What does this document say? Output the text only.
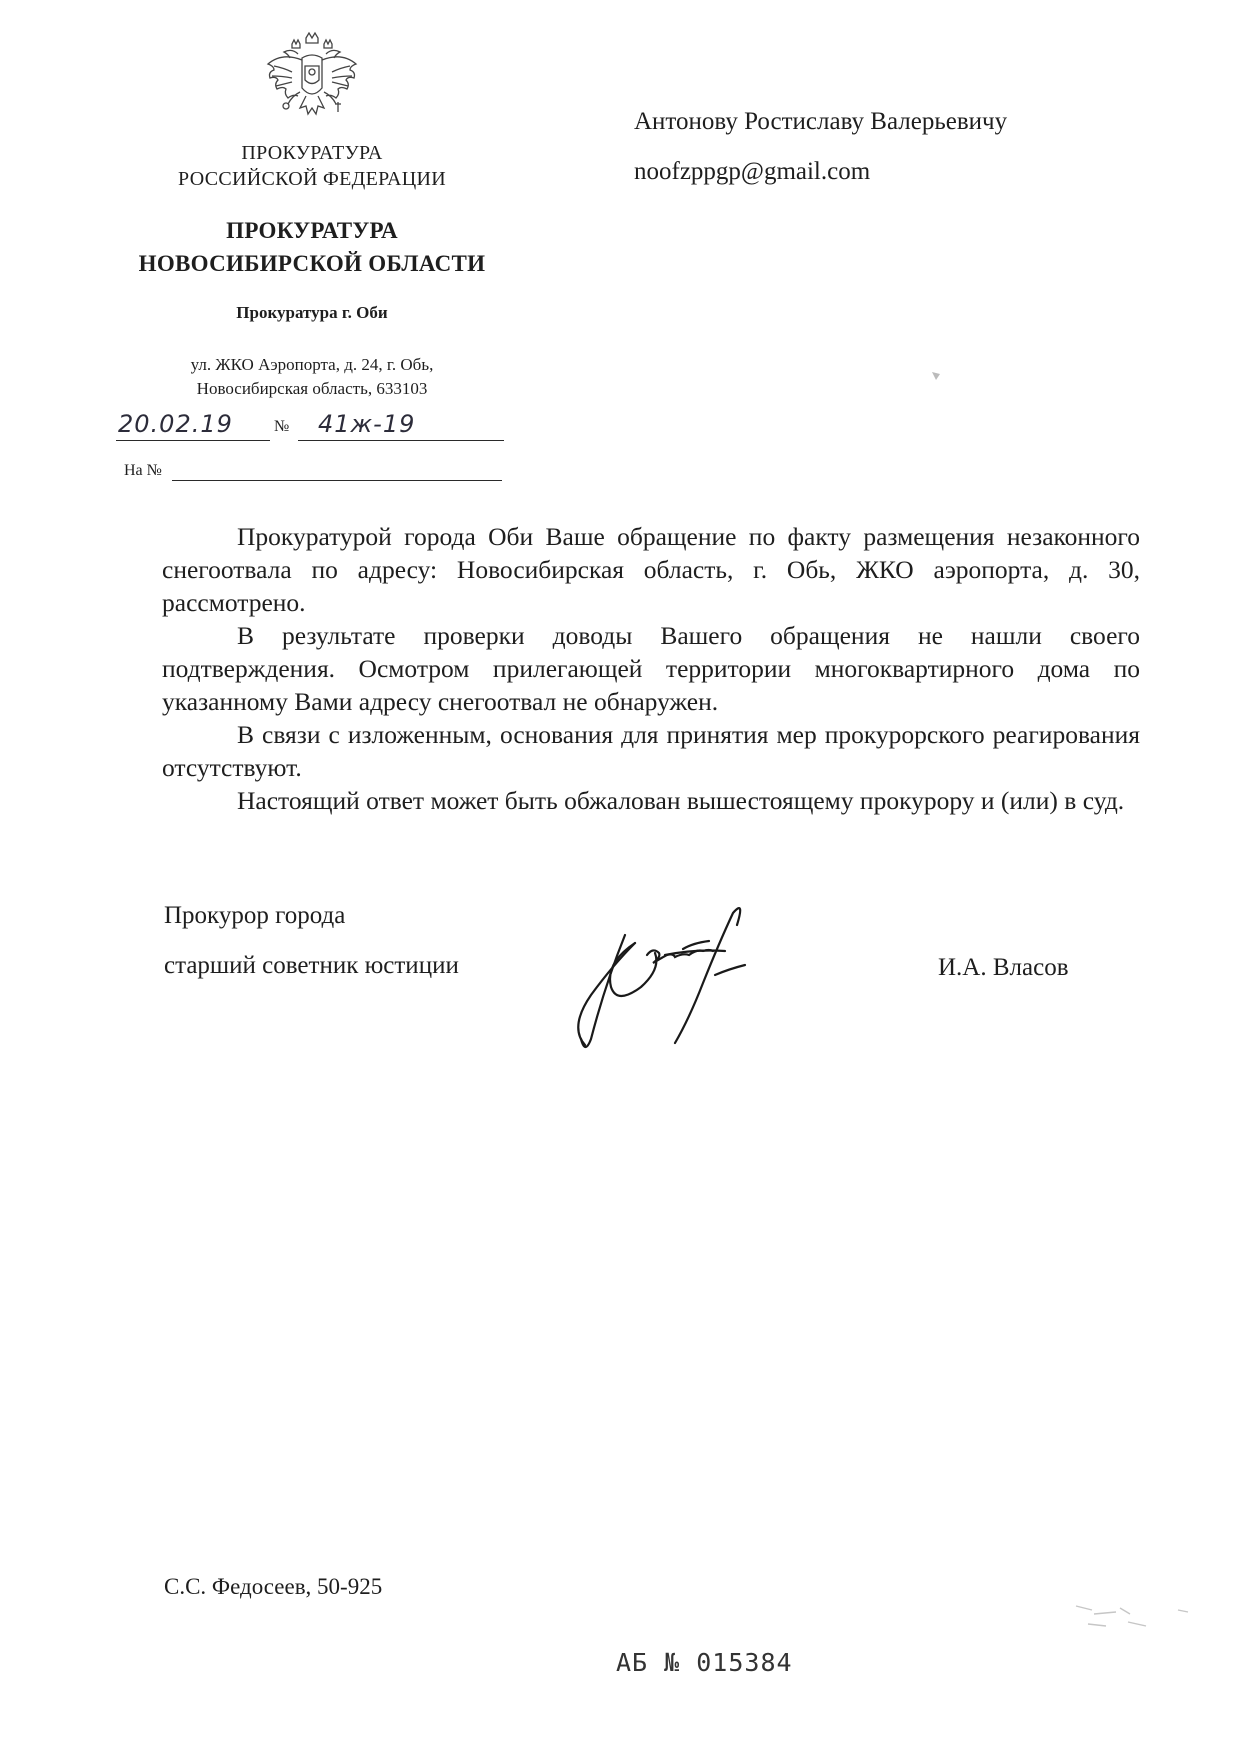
ПРОКУРАТУРА
РОССИЙСКОЙ ФЕДЕРАЦИИ
ПРОКУРАТУРА
НОВОСИБИРСКОЙ ОБЛАСТИ
Прокуратура г. Оби
ул. ЖКО Аэропорта, д. 24, г. Обь,
Новосибирская область, 633103
20.02.19	№ 41ж-19
На №
Антонову Ростиславу Валерьевичу
noofzppgp@gmail.com

Прокуратурой города Оби Ваше обращение по факту размещения незаконного снегоотвала по адресу: Новосибирская область, г. Обь, ЖКО аэропорта, д. 30, рассмотрено.

В результате проверки доводы Вашего обращения не нашли своего подтверждения. Осмотром прилегающей территории многоквартирного дома по указанному Вами адресу снегоотвал не обнаружен.

В связи с изложенным, основания для принятия мер прокурорского реагирования отсутствуют.

Настоящий ответ может быть обжалован вышестоящему прокурору и (или) в суд.

Прокурор города
старший советник юстиции	И.А. Власов
С.С. Федосеев, 50-925
АБ № 015384
